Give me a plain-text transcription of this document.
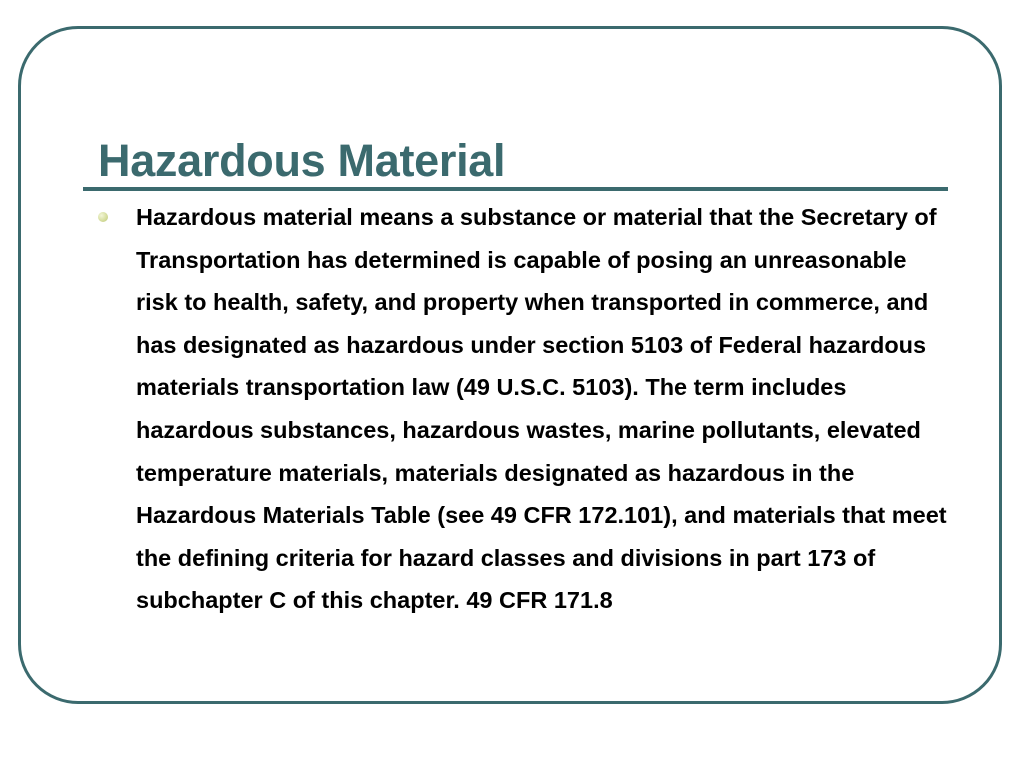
Hazardous Material

Hazardous material means a substance or material that the Secretary of Transportation has determined is capable of posing an unreasonable risk to health, safety, and property when transported in commerce, and has designated as hazardous under section 5103 of Federal hazardous materials transportation law (49 U.S.C. 5103). The term includes hazardous substances, hazardous wastes, marine pollutants, elevated temperature materials, materials designated as hazardous in the Hazardous Materials Table (see 49 CFR 172.101), and materials that meet the defining criteria for hazard classes and divisions in part 173 of subchapter C of this chapter. 49 CFR 171.8
